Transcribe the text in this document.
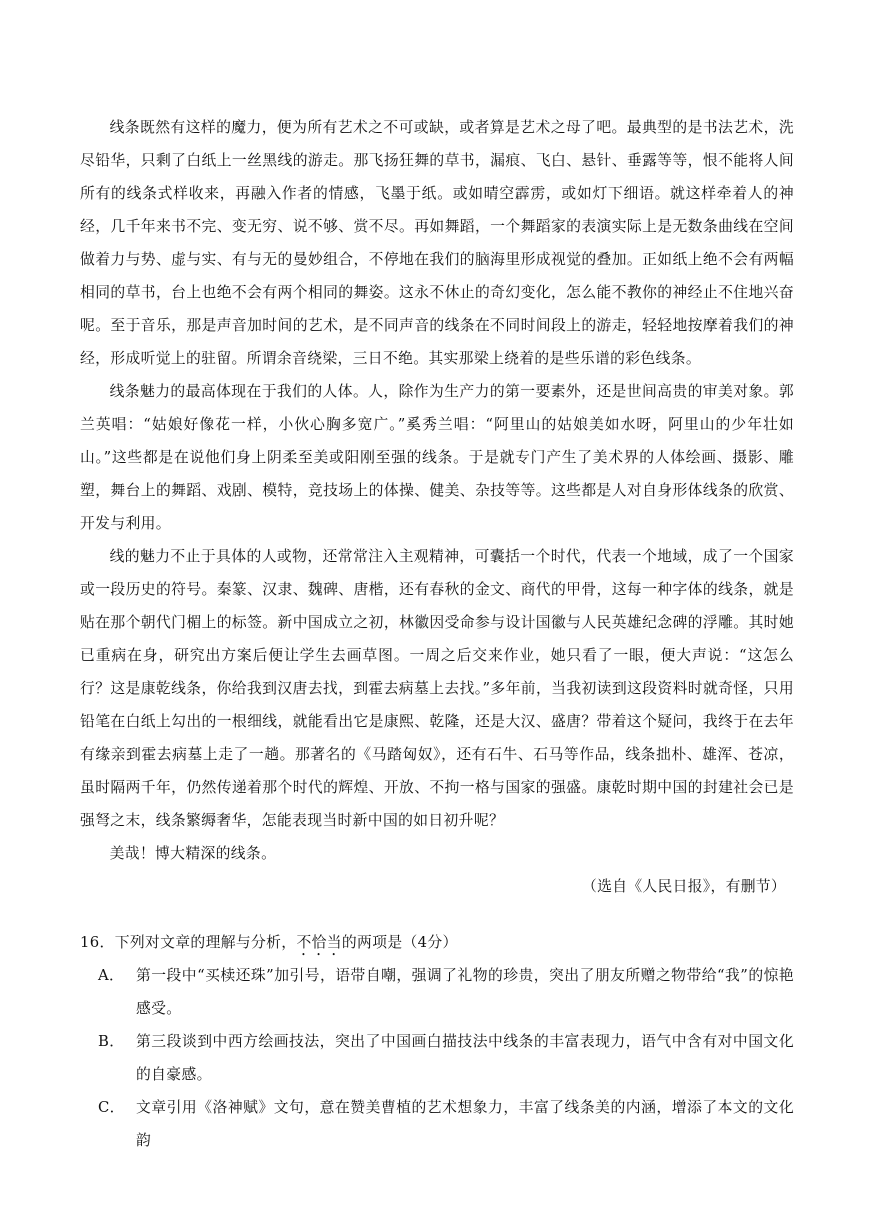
线条既然有这样的魔力，便为所有艺术之不可或缺，或者算是艺术之母了吧。最典型的是书法艺术，洗尽铅华，只剩了白纸上一丝黑线的游走。那飞扬狂舞的草书，漏痕、飞白、悬针、垂露等等，恨不能将人间所有的线条式样收来，再融入作者的情感，飞墨于纸。或如晴空霹雳，或如灯下细语。就这样牵着人的神经，几千年来书不完、变无穷、说不够、赏不尽。再如舞蹈，一个舞蹈家的表演实际上是无数条曲线在空间做着力与势、虚与实、有与无的曼妙组合，不停地在我们的脑海里形成视觉的叠加。正如纸上绝不会有两幅相同的草书，台上也绝不会有两个相同的舞姿。这永不休止的奇幻变化，怎么能不教你的神经止不住地兴奋呢。至于音乐，那是声音加时间的艺术，是不同声音的线条在不同时间段上的游走，轻轻地按摩着我们的神经，形成听觉上的驻留。所谓余音绕梁，三日不绝。其实那梁上绕着的是些乐谱的彩色线条。

线条魅力的最高体现在于我们的人体。人，除作为生产力的第一要素外，还是世间高贵的审美对象。郭兰英唱：“姑娘好像花一样，小伙心胸多宽广。”奚秀兰唱：“阿里山的姑娘美如水呀，阿里山的少年壮如山。”这些都是在说他们身上阴柔至美或阳刚至强的线条。于是就专门产生了美术界的人体绘画、摄影、雕塑，舞台上的舞蹈、戏剧、模特，竞技场上的体操、健美、杂技等等。这些都是人对自身形体线条的欣赏、开发与利用。

线的魅力不止于具体的人或物，还常常注入主观精神，可囊括一个时代，代表一个地域，成了一个国家或一段历史的符号。秦篆、汉隶、魏碑、唐楷，还有春秋的金文、商代的甲骨，这每一种字体的线条，就是贴在那个朝代门楣上的标签。新中国成立之初，林徽因受命参与设计国徽与人民英雄纪念碑的浮雕。其时她已重病在身，研究出方案后便让学生去画草图。一周之后交来作业，她只看了一眼，便大声说：“这怎么行？这是康乾线条，你给我到汉唐去找，到霍去病墓上去找。”多年前，当我初读到这段资料时就奇怪，只用铅笔在白纸上勾出的一根细线，就能看出它是康熙、乾隆，还是大汉、盛唐？带着这个疑问，我终于在去年有缘亲到霍去病墓上走了一趟。那著名的《马踏匈奴》，还有石牛、石马等作品，线条拙朴、雄浑、苍凉，虽时隔两千年，仍然传递着那个时代的辉煌、开放、不拘一格与国家的强盛。康乾时期中国的封建社会已是强弩之末，线条繁缛奢华，怎能表现当时新中国的如日初升呢？

美哉！博大精深的线条。

（选自《人民日报》，有删节）

16．下列对文章的理解与分析，不恰当的两项是（4分）

A． 第一段中“买椟还珠”加引号，语带自嘲，强调了礼物的珍贵，突出了朋友所赠之物带给“我”的惊艳感受。
B． 第三段谈到中西方绘画技法，突出了中国画白描技法中线条的丰富表现力，语气中含有对中国文化的自豪感。
C． 文章引用《洛神赋》文句，意在赞美曹植的艺术想象力，丰富了线条美的内涵，增添了本文的文化韵
